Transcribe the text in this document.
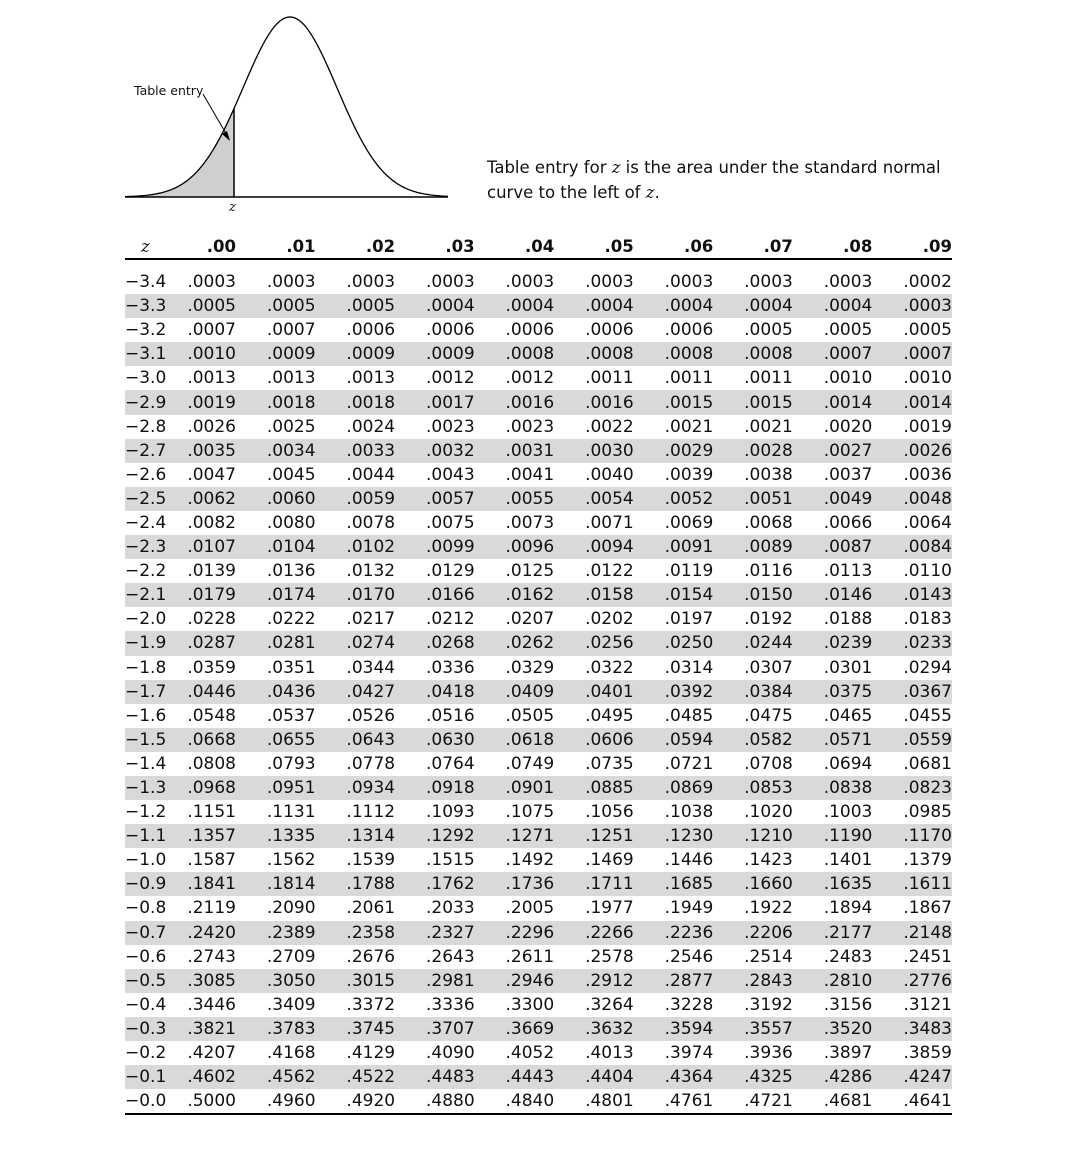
Table entry
z
Table entry for z is the area under the standard normal curve to the left of z.
z	.00	.01	.02	.03	.04	.05	.06	.07	.08	.09
−3.4	.0003	.0003	.0003	.0003	.0003	.0003	.0003	.0003	.0003	.0002
−3.3	.0005	.0005	.0005	.0004	.0004	.0004	.0004	.0004	.0004	.0003
−3.2	.0007	.0007	.0006	.0006	.0006	.0006	.0006	.0005	.0005	.0005
−3.1	.0010	.0009	.0009	.0009	.0008	.0008	.0008	.0008	.0007	.0007
−3.0	.0013	.0013	.0013	.0012	.0012	.0011	.0011	.0011	.0010	.0010
−2.9	.0019	.0018	.0018	.0017	.0016	.0016	.0015	.0015	.0014	.0014
−2.8	.0026	.0025	.0024	.0023	.0023	.0022	.0021	.0021	.0020	.0019
−2.7	.0035	.0034	.0033	.0032	.0031	.0030	.0029	.0028	.0027	.0026
−2.6	.0047	.0045	.0044	.0043	.0041	.0040	.0039	.0038	.0037	.0036
−2.5	.0062	.0060	.0059	.0057	.0055	.0054	.0052	.0051	.0049	.0048
−2.4	.0082	.0080	.0078	.0075	.0073	.0071	.0069	.0068	.0066	.0064
−2.3	.0107	.0104	.0102	.0099	.0096	.0094	.0091	.0089	.0087	.0084
−2.2	.0139	.0136	.0132	.0129	.0125	.0122	.0119	.0116	.0113	.0110
−2.1	.0179	.0174	.0170	.0166	.0162	.0158	.0154	.0150	.0146	.0143
−2.0	.0228	.0222	.0217	.0212	.0207	.0202	.0197	.0192	.0188	.0183
−1.9	.0287	.0281	.0274	.0268	.0262	.0256	.0250	.0244	.0239	.0233
−1.8	.0359	.0351	.0344	.0336	.0329	.0322	.0314	.0307	.0301	.0294
−1.7	.0446	.0436	.0427	.0418	.0409	.0401	.0392	.0384	.0375	.0367
−1.6	.0548	.0537	.0526	.0516	.0505	.0495	.0485	.0475	.0465	.0455
−1.5	.0668	.0655	.0643	.0630	.0618	.0606	.0594	.0582	.0571	.0559
−1.4	.0808	.0793	.0778	.0764	.0749	.0735	.0721	.0708	.0694	.0681
−1.3	.0968	.0951	.0934	.0918	.0901	.0885	.0869	.0853	.0838	.0823
−1.2	.1151	.1131	.1112	.1093	.1075	.1056	.1038	.1020	.1003	.0985
−1.1	.1357	.1335	.1314	.1292	.1271	.1251	.1230	.1210	.1190	.1170
−1.0	.1587	.1562	.1539	.1515	.1492	.1469	.1446	.1423	.1401	.1379
−0.9	.1841	.1814	.1788	.1762	.1736	.1711	.1685	.1660	.1635	.1611
−0.8	.2119	.2090	.2061	.2033	.2005	.1977	.1949	.1922	.1894	.1867
−0.7	.2420	.2389	.2358	.2327	.2296	.2266	.2236	.2206	.2177	.2148
−0.6	.2743	.2709	.2676	.2643	.2611	.2578	.2546	.2514	.2483	.2451
−0.5	.3085	.3050	.3015	.2981	.2946	.2912	.2877	.2843	.2810	.2776
−0.4	.3446	.3409	.3372	.3336	.3300	.3264	.3228	.3192	.3156	.3121
−0.3	.3821	.3783	.3745	.3707	.3669	.3632	.3594	.3557	.3520	.3483
−0.2	.4207	.4168	.4129	.4090	.4052	.4013	.3974	.3936	.3897	.3859
−0.1	.4602	.4562	.4522	.4483	.4443	.4404	.4364	.4325	.4286	.4247
−0.0	.5000	.4960	.4920	.4880	.4840	.4801	.4761	.4721	.4681	.4641
